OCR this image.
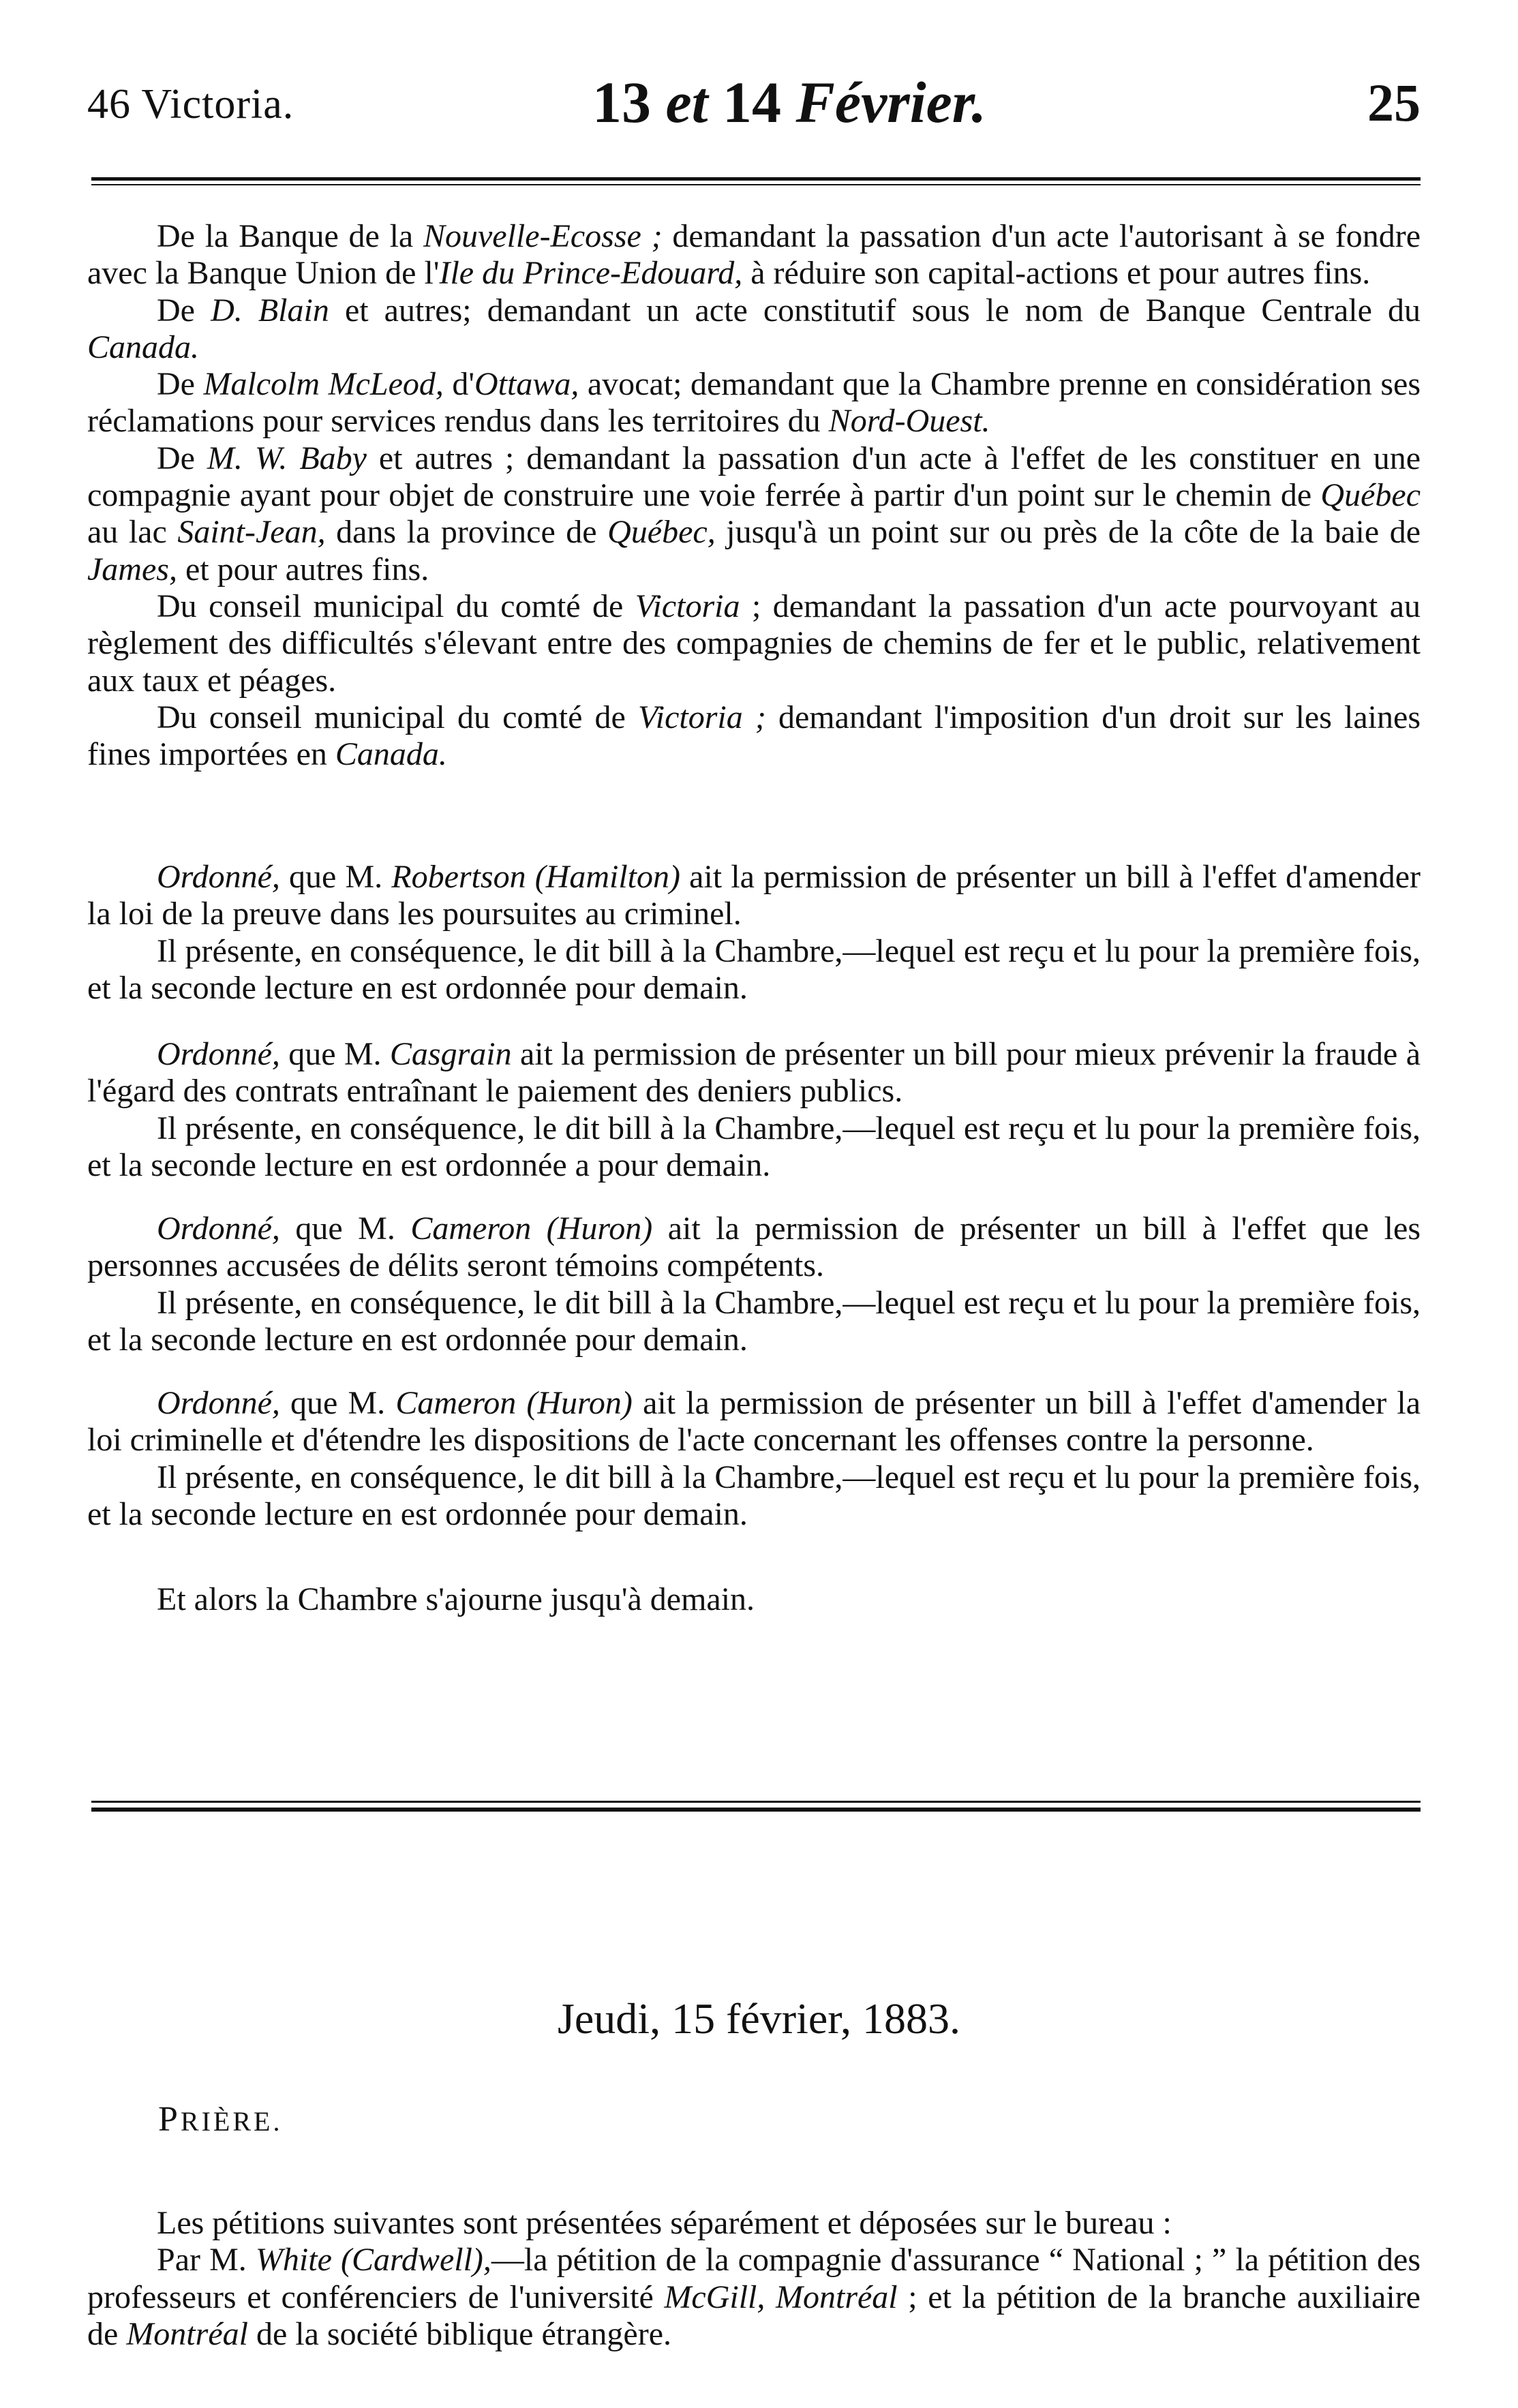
46 Victoria.	13 et 14 Février.	25

De la Banque de la Nouvelle-Ecosse ; demandant la passation d'un acte l'autorisant à se fondre avec la Banque Union de l'Ile du Prince-Edouard, à réduire son capital-actions et pour autres fins.

De D. Blain et autres; demandant un acte constitutif sous le nom de Banque Centrale du Canada.

De Malcolm McLeod, d'Ottawa, avocat; demandant que la Chambre prenne en considération ses réclamations pour services rendus dans les territoires du Nord-Ouest.

De M. W. Baby et autres ; demandant la passation d'un acte à l'effet de les constituer en une compagnie ayant pour objet de construire une voie ferrée à partir d'un point sur le chemin de Québec au lac Saint-Jean, dans la province de Québec, jusqu'à un point sur ou près de la côte de la baie de James, et pour autres fins.

Du conseil municipal du comté de Victoria ; demandant la passation d'un acte pourvoyant au règlement des difficultés s'élevant entre des compagnies de chemins de fer et le public, relativement aux taux et péages.

Du conseil municipal du comté de Victoria ; demandant l'imposition d'un droit sur les laines fines importées en Canada.

Ordonné, que M. Robertson (Hamilton) ait la permission de présenter un bill à l'effet d'amender la loi de la preuve dans les poursuites au criminel.

Il présente, en conséquence, le dit bill à la Chambre,—lequel est reçu et lu pour la première fois, et la seconde lecture en est ordonnée pour demain.

Ordonné, que M. Casgrain ait la permission de présenter un bill pour mieux prévenir la fraude à l'égard des contrats entraînant le paiement des deniers publics.

Il présente, en conséquence, le dit bill à la Chambre,—lequel est reçu et lu pour la première fois, et la seconde lecture en est ordonnée a pour demain.

Ordonné, que M. Cameron (Huron) ait la permission de présenter un bill à l'effet que les personnes accusées de délits seront témoins compétents.

Il présente, en conséquence, le dit bill à la Chambre,—lequel est reçu et lu pour la première fois, et la seconde lecture en est ordonnée pour demain.

Ordonné, que M. Cameron (Huron) ait la permission de présenter un bill à l'effet d'amender la loi criminelle et d'étendre les dispositions de l'acte concernant les offenses contre la personne.

Il présente, en conséquence, le dit bill à la Chambre,—lequel est reçu et lu pour la première fois, et la seconde lecture en est ordonnée pour demain.

Et alors la Chambre s'ajourne jusqu'à demain.

Jeudi, 15 février, 1883.
PRIÈRE.

Les pétitions suivantes sont présentées séparément et déposées sur le bureau :

Par M. White (Cardwell),—la pétition de la compagnie d'assurance “ National ; ” la pétition des professeurs et conférenciers de l'université McGill, Montréal ; et la pétition de la branche auxiliaire de Montréal de la société biblique étrangère.
